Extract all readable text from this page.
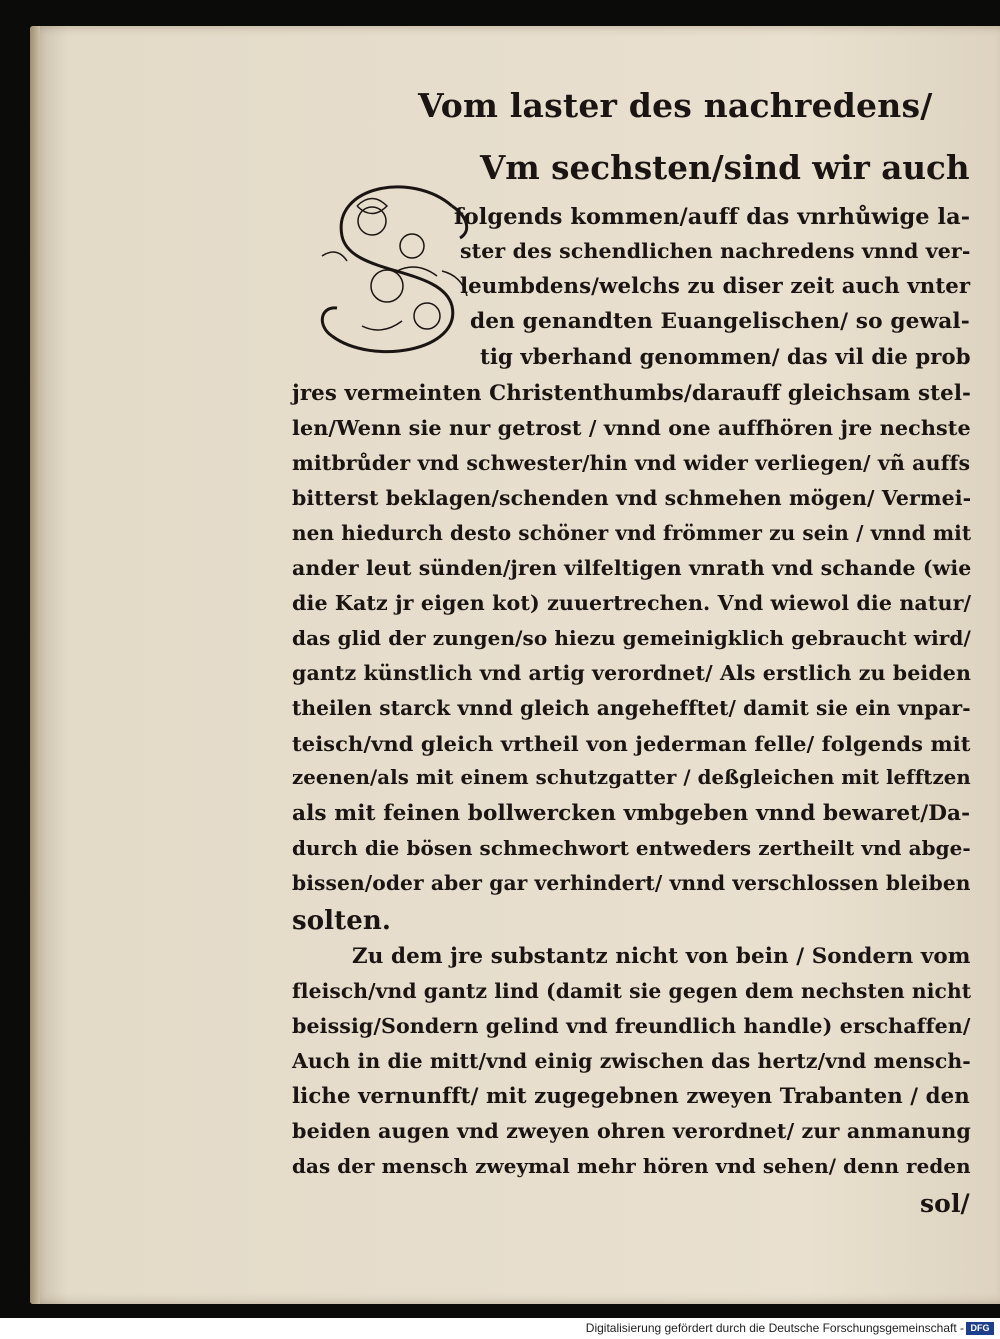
Vom laster des nachredens/
Vm sechsten/sind wir auch
folgends kommen/auff das vnrhůwige la-
ster des schendlichen nachredens vnnd ver-
leumbdens/welchs zu diser zeit auch vnter
den genandten Euangelischen/ so gewal-
tig vberhand genommen/ das vil die prob
jres vermeinten Christenthumbs/darauff gleichsam stel-
len/Wenn sie nur getrost / vnnd one auffhören jre nechste
mitbrůder vnd schwester/hin vnd wider verliegen/ vñ auffs
bitterst beklagen/schenden vnd schmehen mögen/ Vermei-
nen hiedurch desto schöner vnd frömmer zu sein / vnnd mit
ander leut sünden/jren vilfeltigen vnrath vnd schande (wie
die Katz jr eigen kot) zuuertrechen. Vnd wiewol die natur/
das glid der zungen/so hiezu gemeinigklich gebraucht wird/
gantz künstlich vnd artig verordnet/ Als erstlich zu beiden
theilen starck vnnd gleich angehefftet/ damit sie ein vnpar-
teisch/vnd gleich vrtheil von jederman felle/ folgends mit
zeenen/als mit einem schutzgatter / deßgleichen mit lefftzen
als mit feinen bollwercken vmbgeben vnnd bewaret/Da-
durch die bösen schmechwort entweders zertheilt vnd abge-
bissen/oder aber gar verhindert/ vnnd verschlossen bleiben
solten.
Zu dem jre substantz nicht von bein / Sondern vom
fleisch/vnd gantz lind (damit sie gegen dem nechsten nicht
beissig/Sondern gelind vnd freundlich handle) erschaffen/
Auch in die mitt/vnd einig zwischen das hertz/vnd mensch-
liche vernunfft/ mit zugegebnen zweyen Trabanten / den
beiden augen vnd zweyen ohren verordnet/ zur anmanung
das der mensch zweymal mehr hören vnd sehen/ denn reden
sol/
Digitalisierung gefördert durch die Deutsche Forschungsgemeinschaft - DFG
